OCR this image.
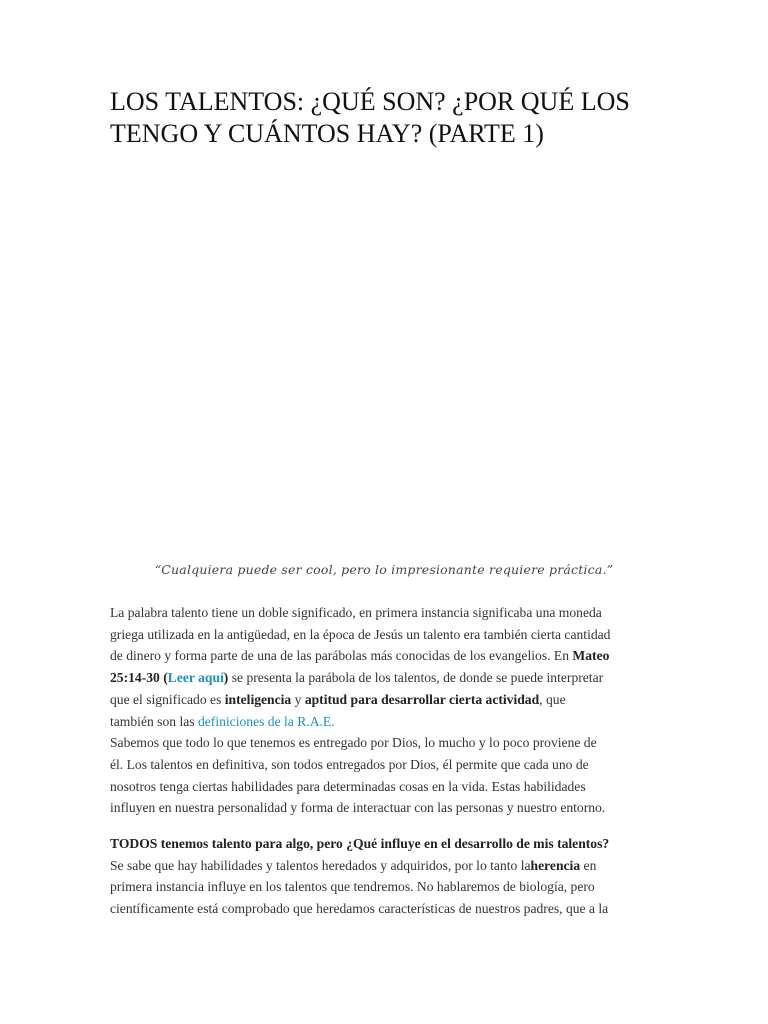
LOS TALENTOS: ¿QUÉ SON? ¿POR QUÉ LOS
TENGO Y CUÁNTOS HAY? (PARTE 1)

“Cualquiera puede ser cool, pero lo impresionante requiere práctica.”

La palabra talento tiene un doble significado, en primera instancia significaba una moneda
griega utilizada en la antigüedad, en la época de Jesús un talento era también cierta cantidad
de dinero y forma parte de una de las parábolas más conocidas de los evangelios. En Mateo
25:14-30 (Leer aquí) se presenta la parábola de los talentos, de donde se puede interpretar
que el significado es inteligencia y aptitud para desarrollar cierta actividad, que
también son las definiciones de la R.A.E.
Sabemos que todo lo que tenemos es entregado por Dios, lo mucho y lo poco proviene de
él. Los talentos en definitiva, son todos entregados por Dios, él permite que cada uno de
nosotros tenga ciertas habilidades para determinadas cosas en la vida. Estas habilidades
influyen en nuestra personalidad y forma de interactuar con las personas y nuestro entorno.
TODOS tenemos talento para algo, pero ¿Qué influye en el desarrollo de mis talentos?
Se sabe que hay habilidades y talentos heredados y adquiridos, por lo tanto laherencia en
primera instancia influye en los talentos que tendremos. No hablaremos de biología, pero
científicamente está comprobado que heredamos características de nuestros padres, que a la
